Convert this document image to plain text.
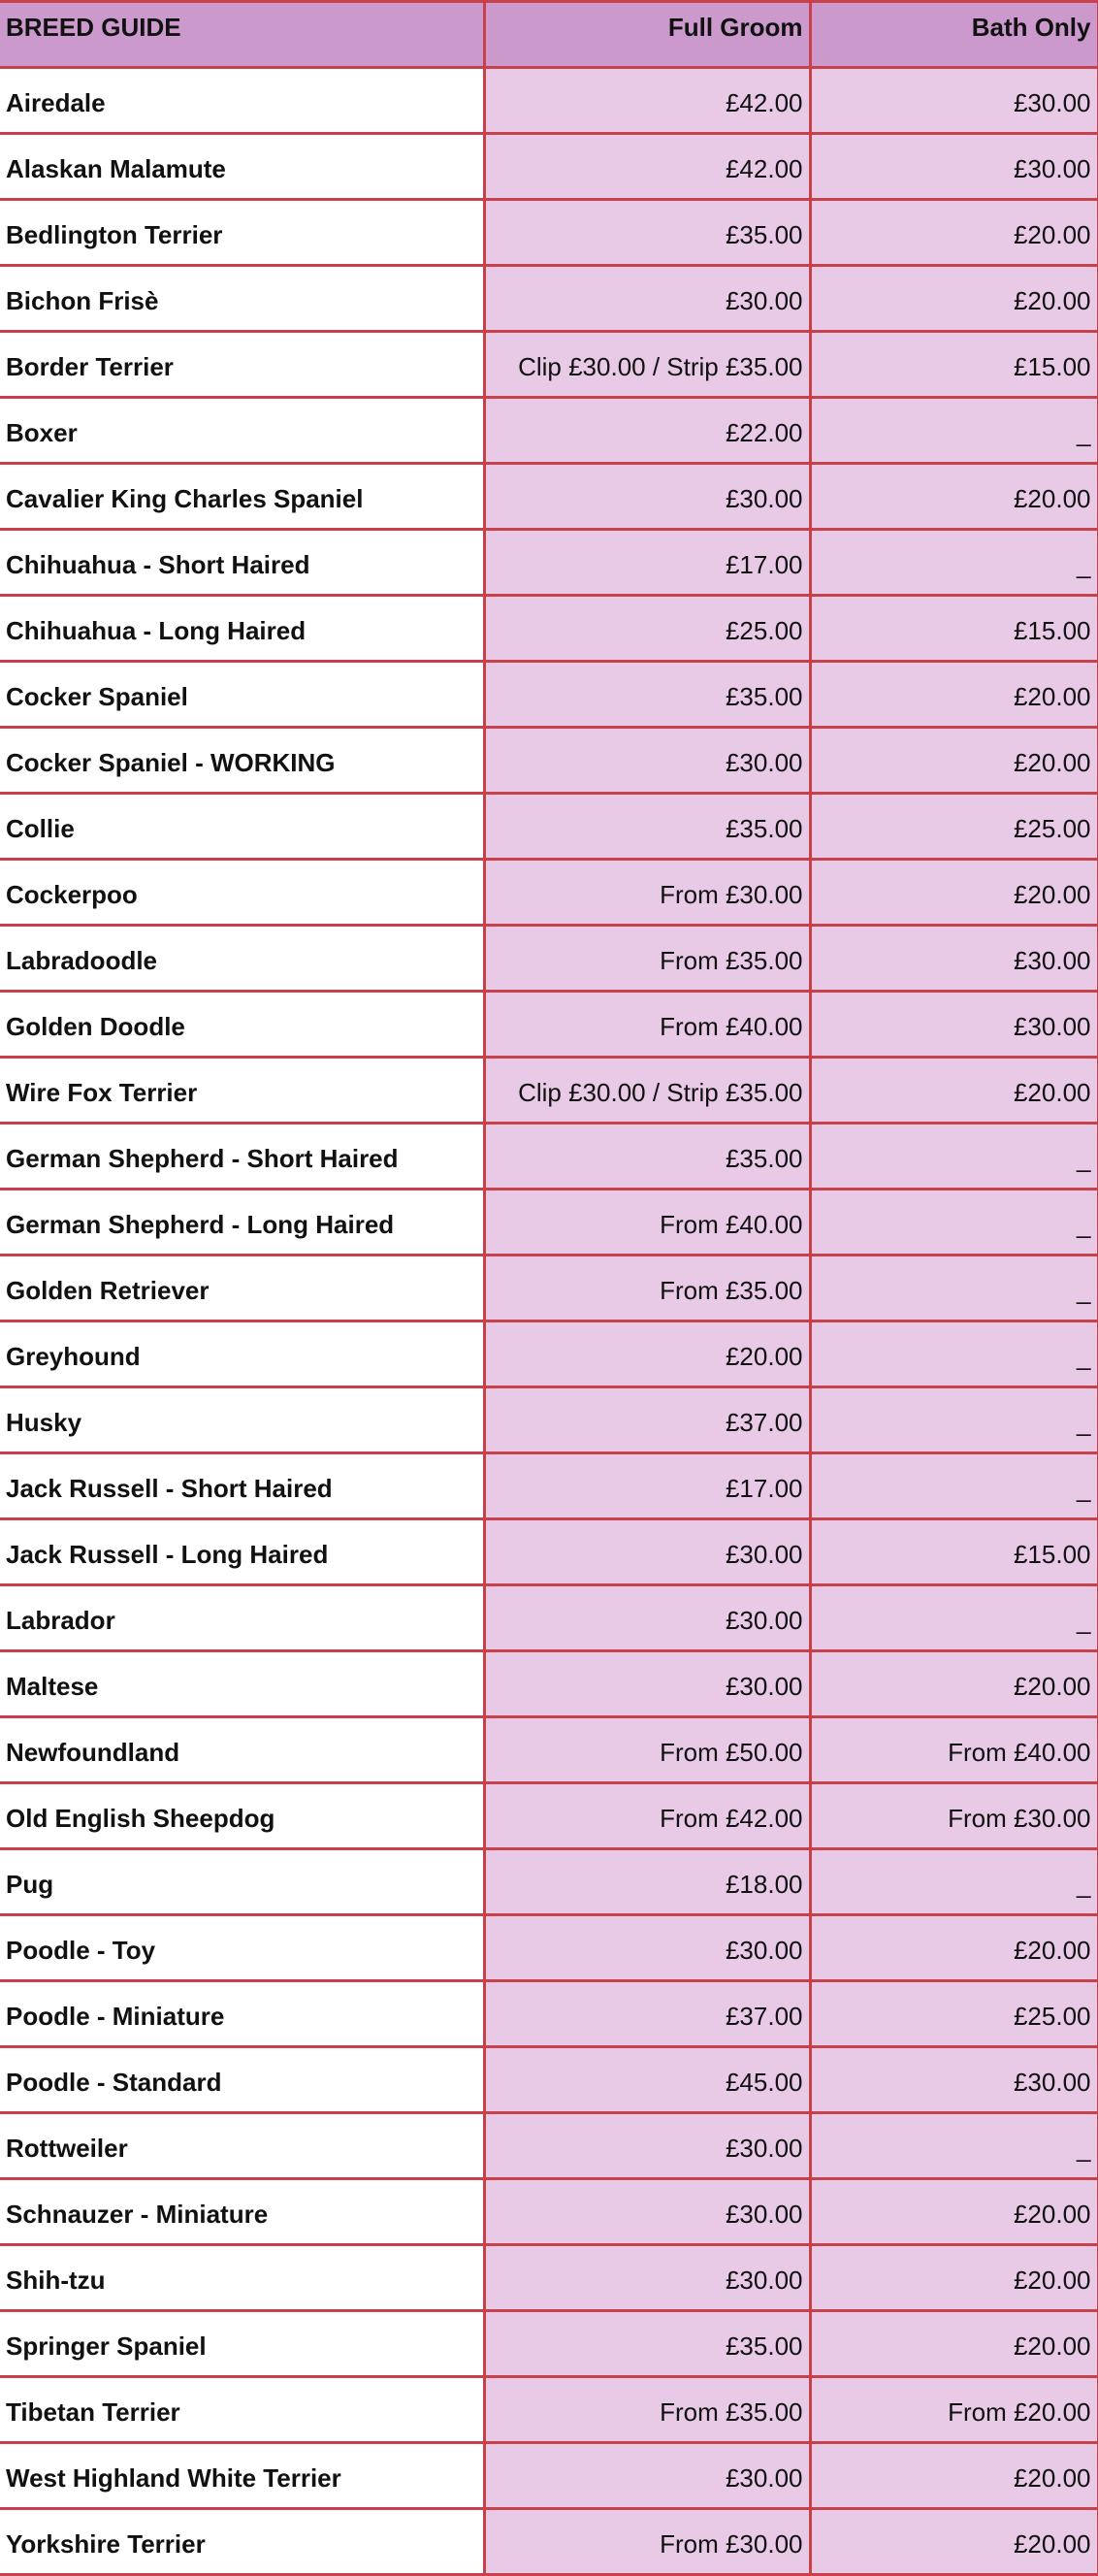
BREED GUIDE	Full Groom	Bath Only
Airedale	£42.00	£30.00
Alaskan Malamute	£42.00	£30.00
Bedlington Terrier	£35.00	£20.00
Bichon Frisè	£30.00	£20.00
Border Terrier	Clip £30.00 / Strip £35.00	£15.00
Boxer	£22.00	_
Cavalier King Charles Spaniel	£30.00	£20.00
Chihuahua - Short Haired	£17.00	_
Chihuahua - Long Haired	£25.00	£15.00
Cocker Spaniel	£35.00	£20.00
Cocker Spaniel - WORKING	£30.00	£20.00
Collie	£35.00	£25.00
Cockerpoo	From £30.00	£20.00
Labradoodle	From £35.00	£30.00
Golden Doodle	From £40.00	£30.00
Wire Fox Terrier	Clip £30.00 / Strip £35.00	£20.00
German Shepherd - Short Haired	£35.00	_
German Shepherd - Long Haired	From £40.00	_
Golden Retriever	From £35.00	_
Greyhound	£20.00	_
Husky	£37.00	_
Jack Russell - Short Haired	£17.00	_
Jack Russell - Long Haired	£30.00	£15.00
Labrador	£30.00	_
Maltese	£30.00	£20.00
Newfoundland	From £50.00	From £40.00
Old English Sheepdog	From £42.00	From £30.00
Pug	£18.00	_
Poodle - Toy	£30.00	£20.00
Poodle - Miniature	£37.00	£25.00
Poodle - Standard	£45.00	£30.00
Rottweiler	£30.00	_
Schnauzer - Miniature	£30.00	£20.00
Shih-tzu	£30.00	£20.00
Springer Spaniel	£35.00	£20.00
Tibetan Terrier	From £35.00	From £20.00
West Highland White Terrier	£30.00	£20.00
Yorkshire Terrier	From £30.00	£20.00
